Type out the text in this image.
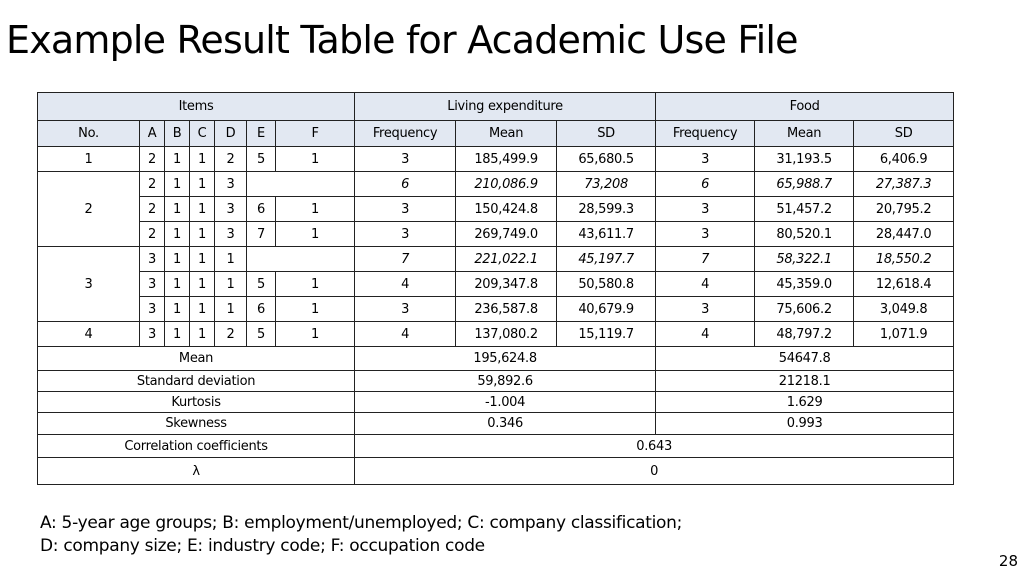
Example Result Table for Academic Use File
Items							Living expenditure			Food		
No.	A	B	C	D	E	F	Frequency	Mean	SD	Frequency	Mean	SD
1	2	1	1	2	5	1	3	185,499.9	65,680.5	3	31,193.5	6,406.9
2	2	1	1	3			6	210,086.9	73,208	6	65,988.7	27,387.3
	2	1	1	3	6	1	3	150,424.8	28,599.3	3	51,457.2	20,795.2
	2	1	1	3	7	1	3	269,749.0	43,611.7	3	80,520.1	28,447.0
3	3	1	1	1			7	221,022.1	45,197.7	7	58,322.1	18,550.2
	3	1	1	1	5	1	4	209,347.8	50,580.8	4	45,359.0	12,618.4
	3	1	1	1	6	1	3	236,587.8	40,679.9	3	75,606.2	3,049.8
4	3	1	1	2	5	1	4	137,080.2	15,119.7	4	48,797.2	1,071.9
Mean							195,624.8			54647.8		
Standard deviation							59,892.6			21218.1		
Kurtosis							-1.004			1.629		
Skewness							0.346			0.993		
Correlation coefficients							0.643					
λ							0					
A: 5-year age groups; B: employment/unemployed; C: company classification;
D: company size; E: industry code; F: occupation code
28
